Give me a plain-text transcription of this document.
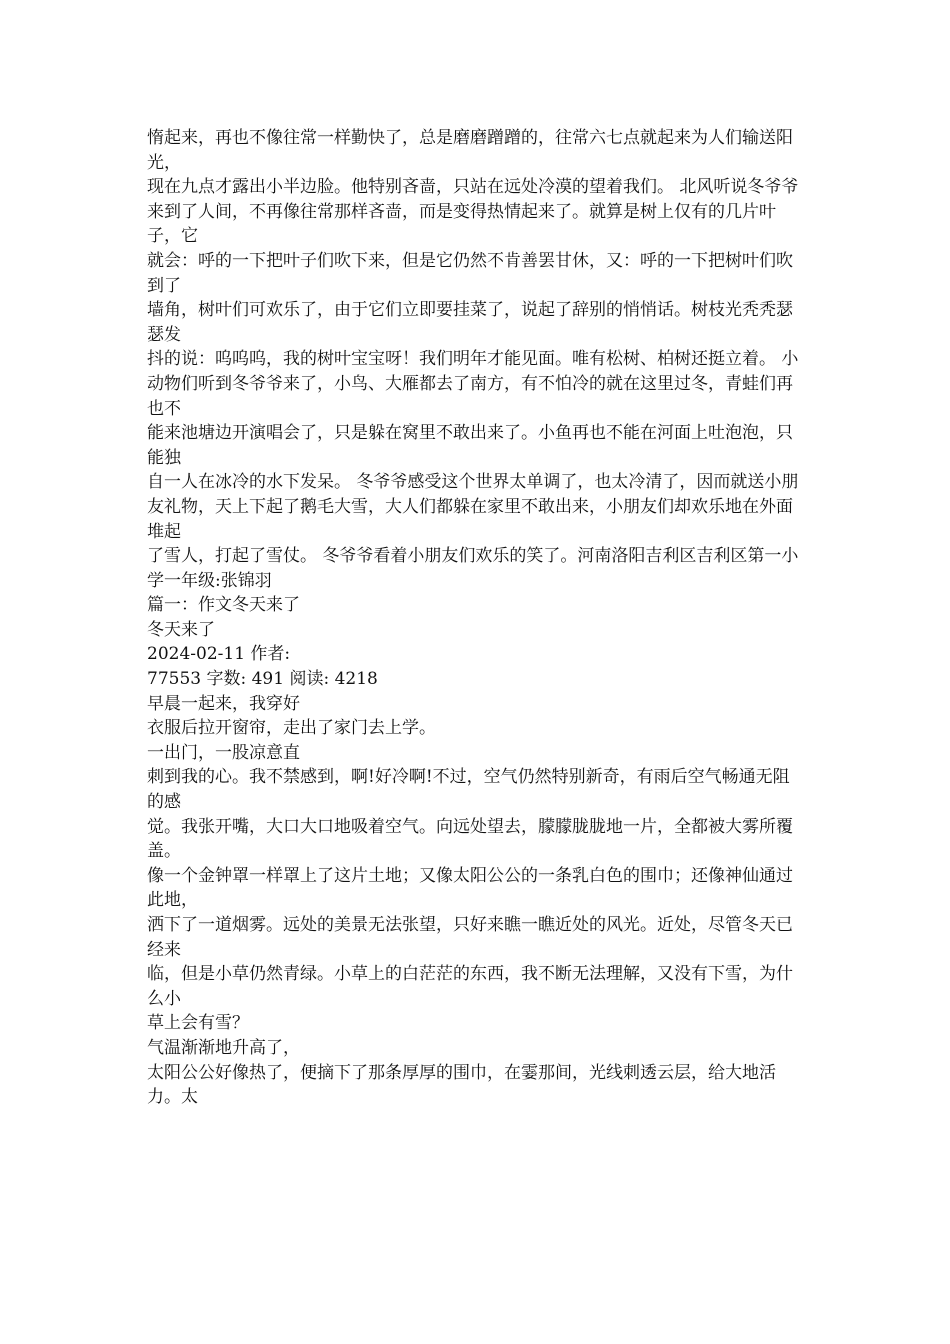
惰起来，再也不像往常一样勤快了，总是磨磨蹭蹭的，往常六七点就起来为人们输送阳光，

现在九点才露出小半边脸。他特别吝啬，只站在远处冷漠的望着我们。 北风听说冬爷爷

来到了人间，不再像往常那样吝啬，而是变得热情起来了。就算是树上仅有的几片叶子，它

就会：呼的一下把叶子们吹下来，但是它仍然不肯善罢甘休，又：呼的一下把树叶们吹到了

墙角，树叶们可欢乐了，由于它们立即要挂菜了，说起了辞别的悄悄话。树枝光秃秃瑟瑟发

抖的说：呜呜呜，我的树叶宝宝呀！我们明年才能见面。唯有松树、柏树还挺立着。 小

动物们听到冬爷爷来了，小鸟、大雁都去了南方，有不怕冷的就在这里过冬，青蛙们再也不

能来池塘边开演唱会了，只是躲在窝里不敢出来了。小鱼再也不能在河面上吐泡泡，只能独

自一人在冰冷的水下发呆。 冬爷爷感受这个世界太单调了，也太冷清了，因而就送小朋

友礼物，天上下起了鹅毛大雪，大人们都躲在家里不敢出来，小朋友们却欢乐地在外面堆起

了雪人，打起了雪仗。 冬爷爷看着小朋友们欢乐的笑了。河南洛阳吉利区吉利区第一小

学一年级:张锦羽

篇一：作文冬天来了

冬天来了

2024-02-11 作者:

77553 字数: 491 阅读: 4218

早晨一起来，我穿好

衣服后拉开窗帘，走出了家门去上学。

一出门，一股凉意直

刺到我的心。我不禁感到，啊!好冷啊!不过，空气仍然特别新奇，有雨后空气畅通无阻的感

觉。我张开嘴，大口大口地吸着空气。向远处望去，朦朦胧胧地一片，全都被大雾所覆盖。

像一个金钟罩一样罩上了这片土地；又像太阳公公的一条乳白色的围巾；还像神仙通过此地，

洒下了一道烟雾。远处的美景无法张望，只好来瞧一瞧近处的风光。近处，尽管冬天已经来

临，但是小草仍然青绿。小草上的白茫茫的东西，我不断无法理解，又没有下雪，为什么小

草上会有雪？

气温渐渐地升高了，

太阳公公好像热了，便摘下了那条厚厚的围巾，在霎那间，光线刺透云层，给大地活力。太
